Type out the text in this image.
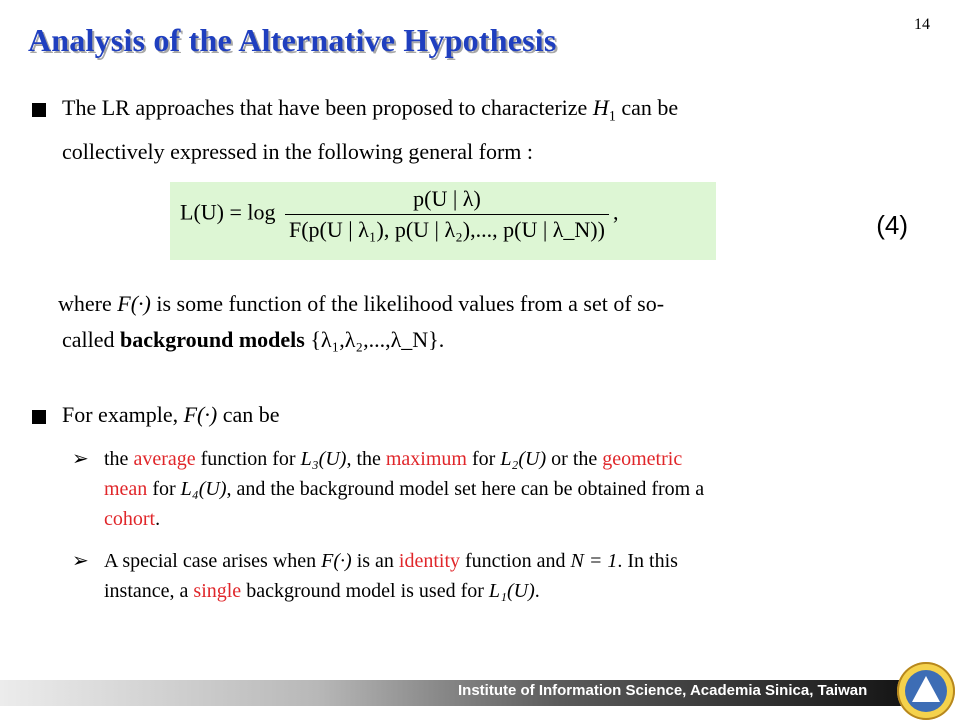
14
Analysis of the Alternative Hypothesis
The LR approaches that have been proposed to characterize $H_1$ can be
collectively expressed in the following general form :
$L(U) = \log \frac{p(U | \lambda)}{\text{F(p(U | λ₁), p(U | λ₂),..., p(U | λ\_N))}}$ ,	(4)
where F(·) is some function of the likelihood values from a set of so-
called background models {λ₁,λ₂,...,λ_N}.
For example, F(·) can be
➢ the average function for L₃(U), the maximum for L₂(U) or the geometric
mean for L₄(U), and the background model set here can be obtained from a
cohort.
➢ A special case arises when F(·) is an identity function and N = 1. In this
instance, a single background model is used for L₁(U).
Institute of Information Science, Academia Sinica, Taiwan
